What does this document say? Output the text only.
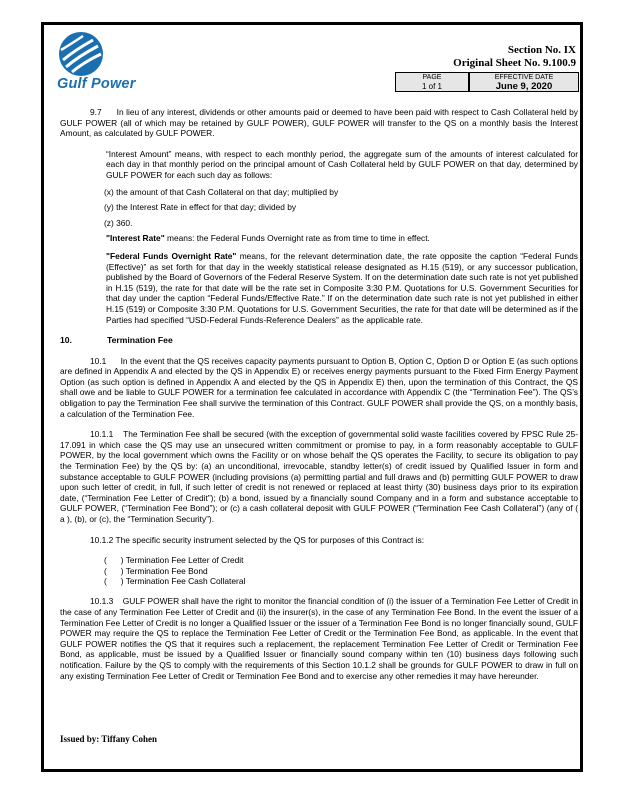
Gulf Power
Section No. IX
Original Sheet No. 9.100.9
PAGE
1 of 1
EFFECTIVE DATE
June 9, 2020

9.7      In lieu of any interest, dividends or other amounts paid or deemed to have been paid with respect to Cash Collateral held by GULF POWER (all of which may be retained by GULF POWER), GULF POWER will transfer to the QS on a monthly basis the Interest Amount, as calculated by GULF POWER.

“Interest Amount” means, with respect to each monthly period, the aggregate sum of the amounts of interest calculated for each day in that monthly period on the principal amount of Cash Collateral held by GULF POWER on that day, determined by GULF POWER for each such day as follows:

(x) the amount of that Cash Collateral on that day; multiplied by
(y) the Interest Rate in effect for that day; divided by
(z) 360.

"Interest Rate" means: the Federal Funds Overnight rate as from time to time in effect.

"Federal Funds Overnight Rate" means, for the relevant determination date, the rate opposite the caption “Federal Funds (Effective)” as set forth for that day in the weekly statistical release designated as H.15 (519), or any successor publication, published by the Board of Governors of the Federal Reserve System. If on the determination date such rate is not yet published in H.15 (519), the rate for that date will be the rate set in Composite 3:30 P.M. Quotations for U.S. Government Securities for that day under the caption “Federal Funds/Effective Rate.” If on the determination date such rate is not yet published in either H.15 (519) or Composite 3:30 P.M. Quotations for U.S. Government Securities, the rate for that date will be determined as if the Parties had specified “USD-Federal Funds-Reference Dealers” as the applicable rate.

10.	Termination Fee

10.1      In the event that the QS receives capacity payments pursuant to Option B, Option C, Option D or Option E (as such options are defined in Appendix A and elected by the QS in Appendix E) or receives energy payments pursuant to the Fixed Firm Energy Payment Option (as such option is defined in Appendix A and elected by the QS in Appendix E) then, upon the termination of this Contract, the QS shall owe and be liable to GULF POWER for a termination fee calculated in accordance with Appendix C (the “Termination Fee”). The QS’s obligation to pay the Termination Fee shall survive the termination of this Contract. GULF POWER shall provide the QS, on a monthly basis, a calculation of the Termination Fee.

10.1.1    The Termination Fee shall be secured (with the exception of governmental solid waste facilities covered by FPSC Rule 25-17.091 in which case the QS may use an unsecured written commitment or promise to pay, in a form reasonably acceptable to GULF POWER, by the local government which owns the Facility or on whose behalf the QS operates the Facility, to secure its obligation to pay the Termination Fee) by the QS by: (a) an unconditional, irrevocable, standby letter(s) of credit issued by Qualified Issuer in form and substance acceptable to GULF POWER (including provisions (a) permitting partial and full draws and (b) permitting GULF POWER to draw upon such letter of credit, in full, if such letter of credit is not renewed or replaced at least thirty (30) business days prior to its expiration date, (“Termination Fee Letter of Credit”); (b) a bond, issued by a financially sound Company and in a form and substance acceptable to GULF POWER, (“Termination Fee Bond”); or (c) a cash collateral deposit with GULF POWER (“Termination Fee Cash Collateral”) (any of ( a ), (b), or (c), the “Termination Security”).

10.1.2 The specific security instrument selected by the QS for purposes of this Contract is:

(      ) Termination Fee Letter of Credit
(      ) Termination Fee Bond
(      ) Termination Fee Cash Collateral

10.1.3    GULF POWER shall have the right to monitor the financial condition of (i) the issuer of a Termination Fee Letter of Credit in the case of any Termination Fee Letter of Credit and (ii) the insurer(s), in the case of any Termination Fee Bond. In the event the issuer of a Termination Fee Letter of Credit is no longer a Qualified Issuer or the issuer of a Termination Fee Bond is no longer financially sound, GULF POWER may require the QS to replace the Termination Fee Letter of Credit or the Termination Fee Bond, as applicable. In the event that GULF POWER notifies the QS that it requires such a replacement, the replacement Termination Fee Letter of Credit or Termination Fee Bond, as applicable, must be issued by a Qualified Issuer or financially sound company within ten (10) business days following such notification. Failure by the QS to comply with the requirements of this Section 10.1.2 shall be grounds for GULF POWER to draw in full on any existing Termination Fee Letter of Credit or Termination Fee Bond and to exercise any other remedies it may have hereunder.

Issued by: Tiffany Cohen
